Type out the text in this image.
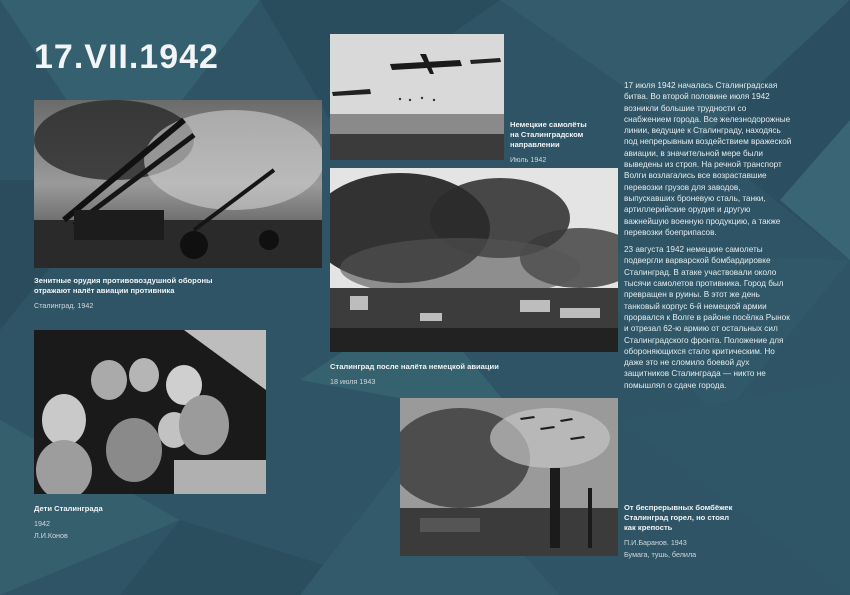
17.VII.1942
Зенитные орудия противовоздушной обороны
отражают налёт авиации противника
Сталинград. 1942
Немецкие самолёты
на Сталинградском
направлении
Июль 1942
Сталинград после налёта немецкой авиации
18 июля 1943
Дети Сталинграда
1942
Л.И.Конов
От беспрерывных бомбёжек
Сталинград горел, но стоял
как крепость
П.И.Баранов. 1943
Бумага, тушь, белила

17 июля 1942 началась Сталинградская битва. Во второй половине июля 1942 возникли большие трудности со снабжением города. Все железнодорожные линии, ведущие к Сталинграду, находясь под непрерывным воздействием вражеской авиации, в значительной мере были выведены из строя. На речной транспорт Волги возлагались все возраставшие перевозки грузов для заводов, выпускавших броневую сталь, танки, артиллерийские орудия и другую важнейшую военную продукцию, а также перевозки боеприпасов.

23 августа 1942 немецкие самолеты подвергли варварской бомбардировке Сталинград. В атаке участвовали около тысячи самолетов противника. Город был превращен в руины. В этот же день танковый корпус 6-й немецкой армии прорвался к Волге в районе посёлка Рынок и отрезал 62-ю армию от остальных сил Сталинградского фронта. Положение для обороняющихся стало критическим. Но даже это не сломило боевой дух защитников Сталинграда — никто не помышлял о сдаче города.
